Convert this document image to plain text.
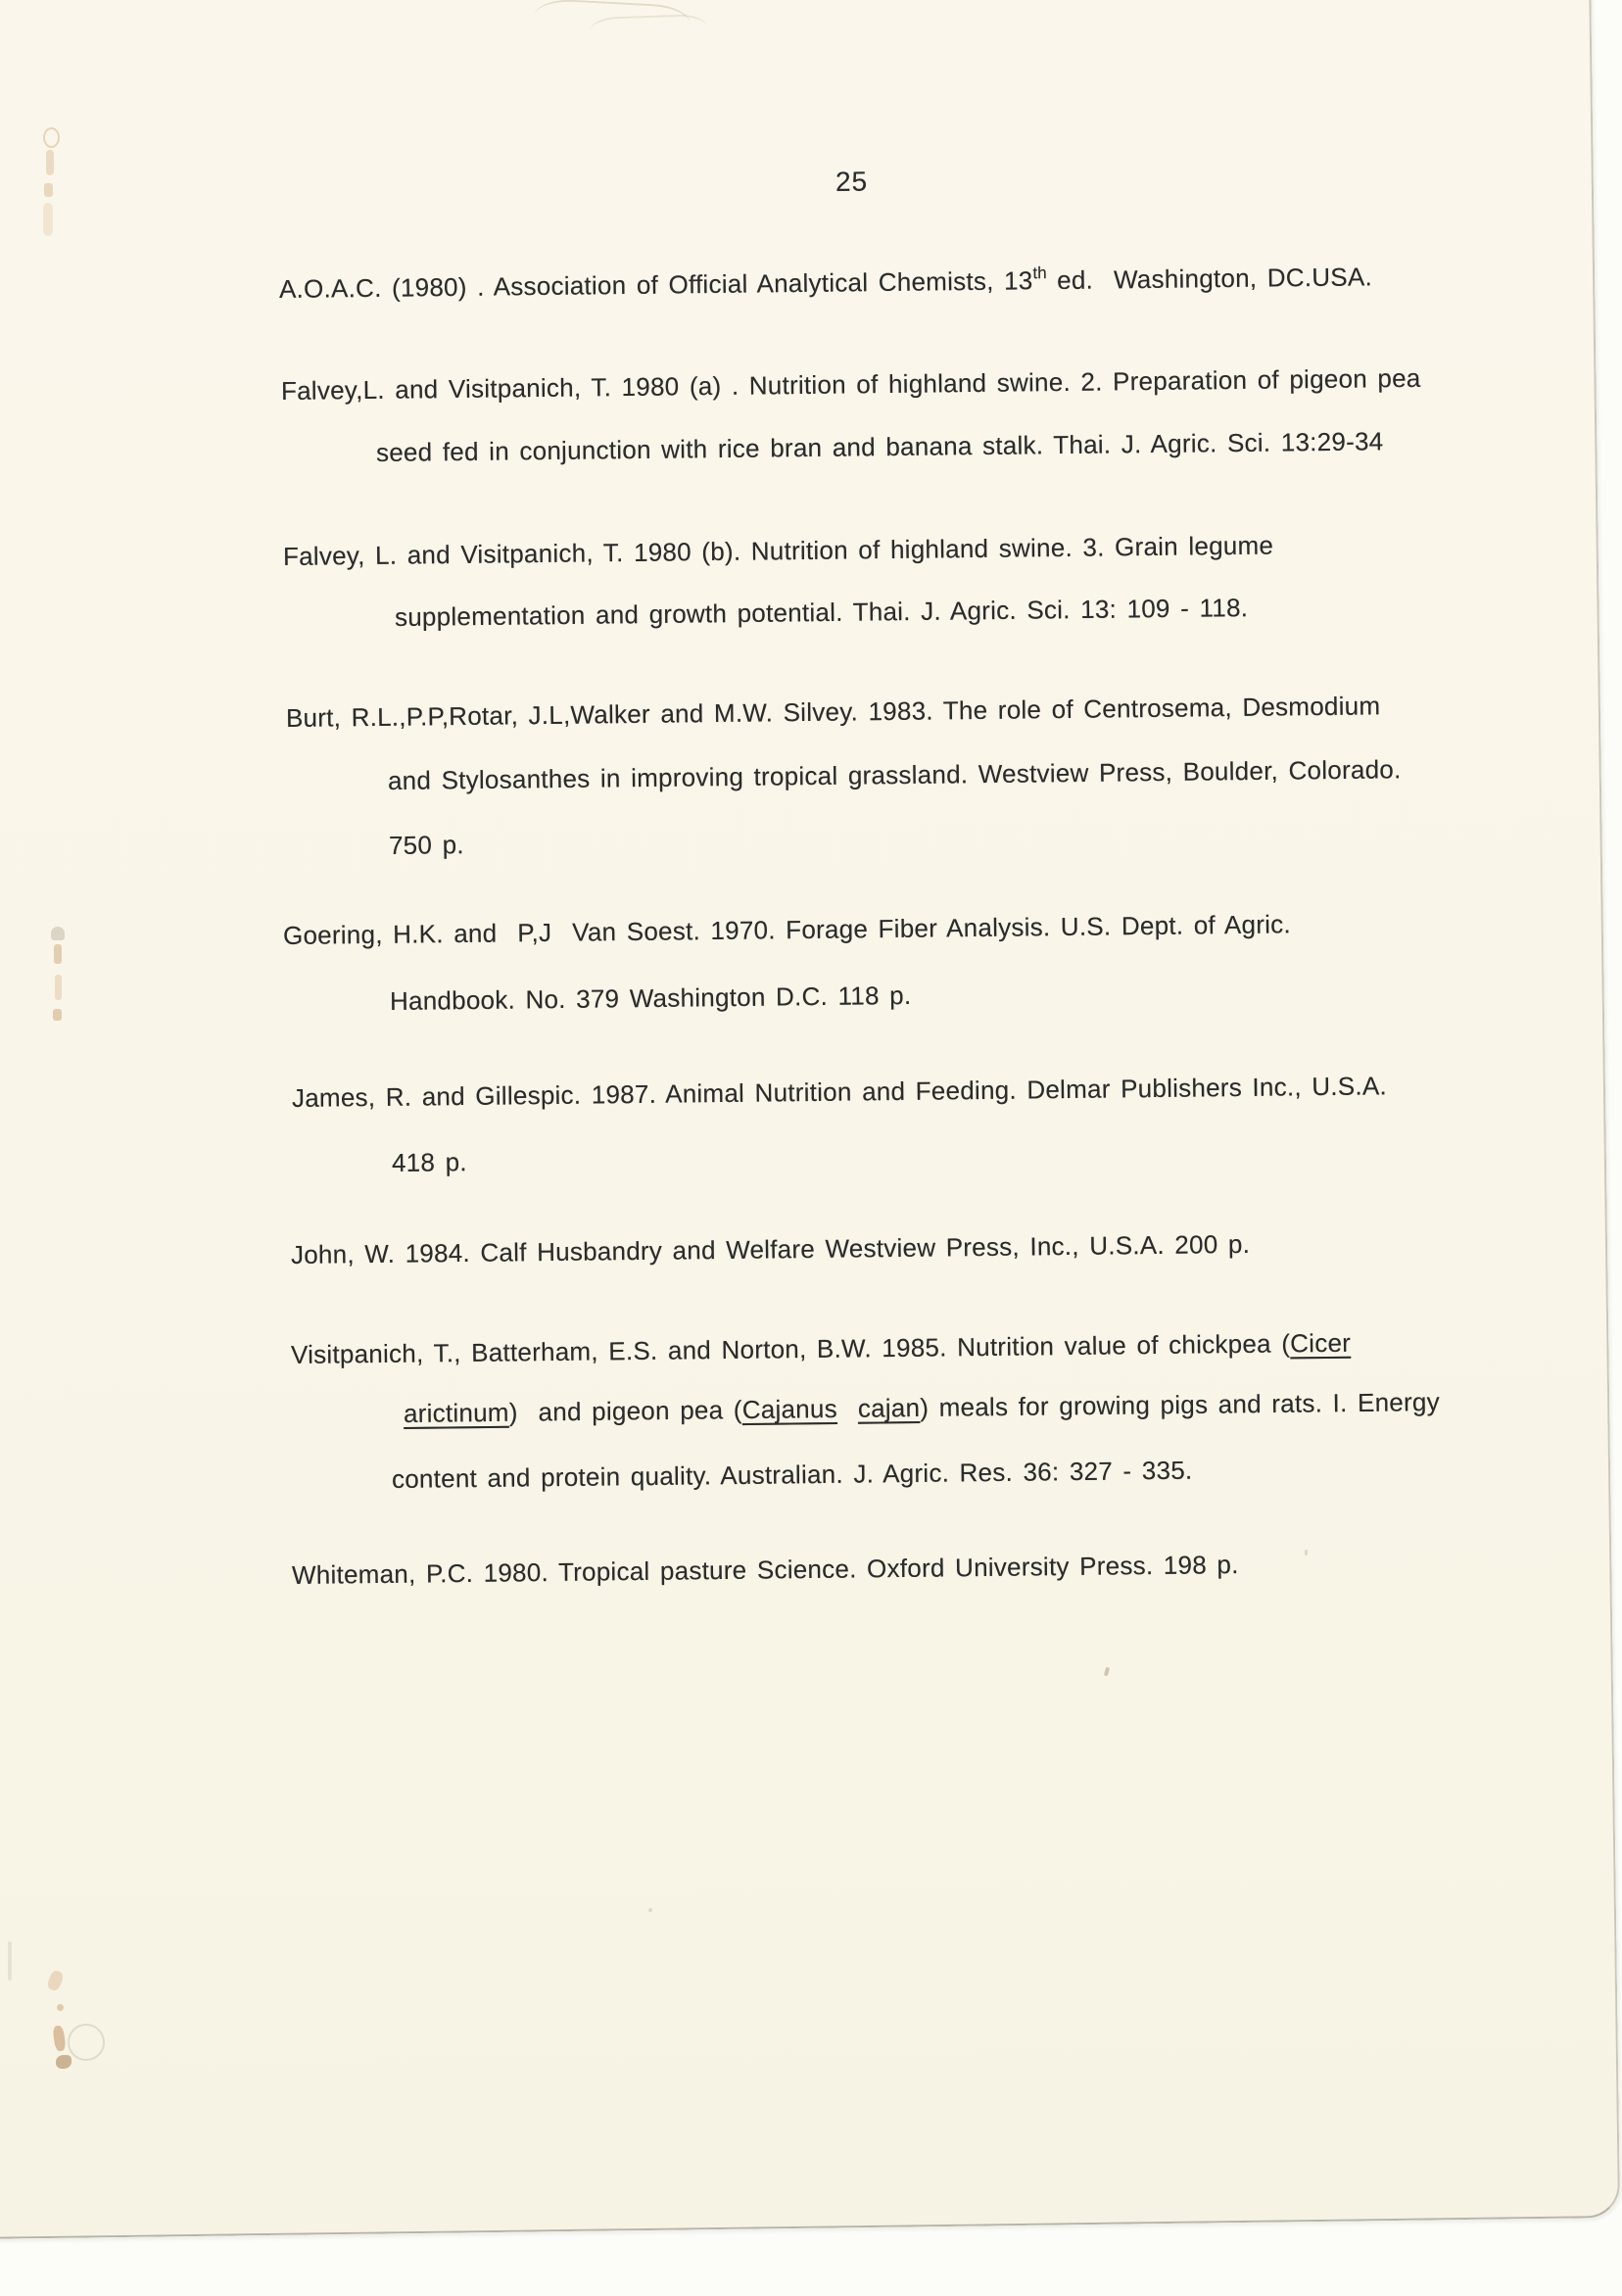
25
A.O.A.C. (1980) . Association of Official Analytical Chemists, 13th ed.  Washington, DC.USA.
Falvey,L. and Visitpanich, T. 1980 (a) . Nutrition of highland swine. 2. Preparation of pigeon pea
seed fed in conjunction with rice bran and banana stalk. Thai. J. Agric. Sci. 13:29-34
Falvey, L. and Visitpanich, T. 1980 (b). Nutrition of highland swine. 3. Grain legume
supplementation and growth potential. Thai. J. Agric. Sci. 13: 109 - 118.
Burt, R.L.,P.P,Rotar, J.L,Walker and M.W. Silvey. 1983. The role of Centrosema, Desmodium
and Stylosanthes in improving tropical grassland. Westview Press, Boulder, Colorado.
750 p.
Goering, H.K. and  P,J  Van Soest. 1970. Forage Fiber Analysis. U.S. Dept. of Agric.
Handbook. No. 379 Washington D.C. 118 p.
James, R. and Gillespic. 1987. Animal Nutrition and Feeding. Delmar Publishers Inc., U.S.A.
418 p.
John, W. 1984. Calf Husbandry and Welfare Westview Press, Inc., U.S.A. 200 p.
Visitpanich, T., Batterham, E.S. and Norton, B.W. 1985. Nutrition value of chickpea (Cicer
arictinum)  and pigeon pea (Cajanus cajan) meals for growing pigs and rats. I. Energy
content and protein quality. Australian. J. Agric. Res. 36: 327 - 335.
Whiteman, P.C. 1980. Tropical pasture Science. Oxford University Press. 198 p.
